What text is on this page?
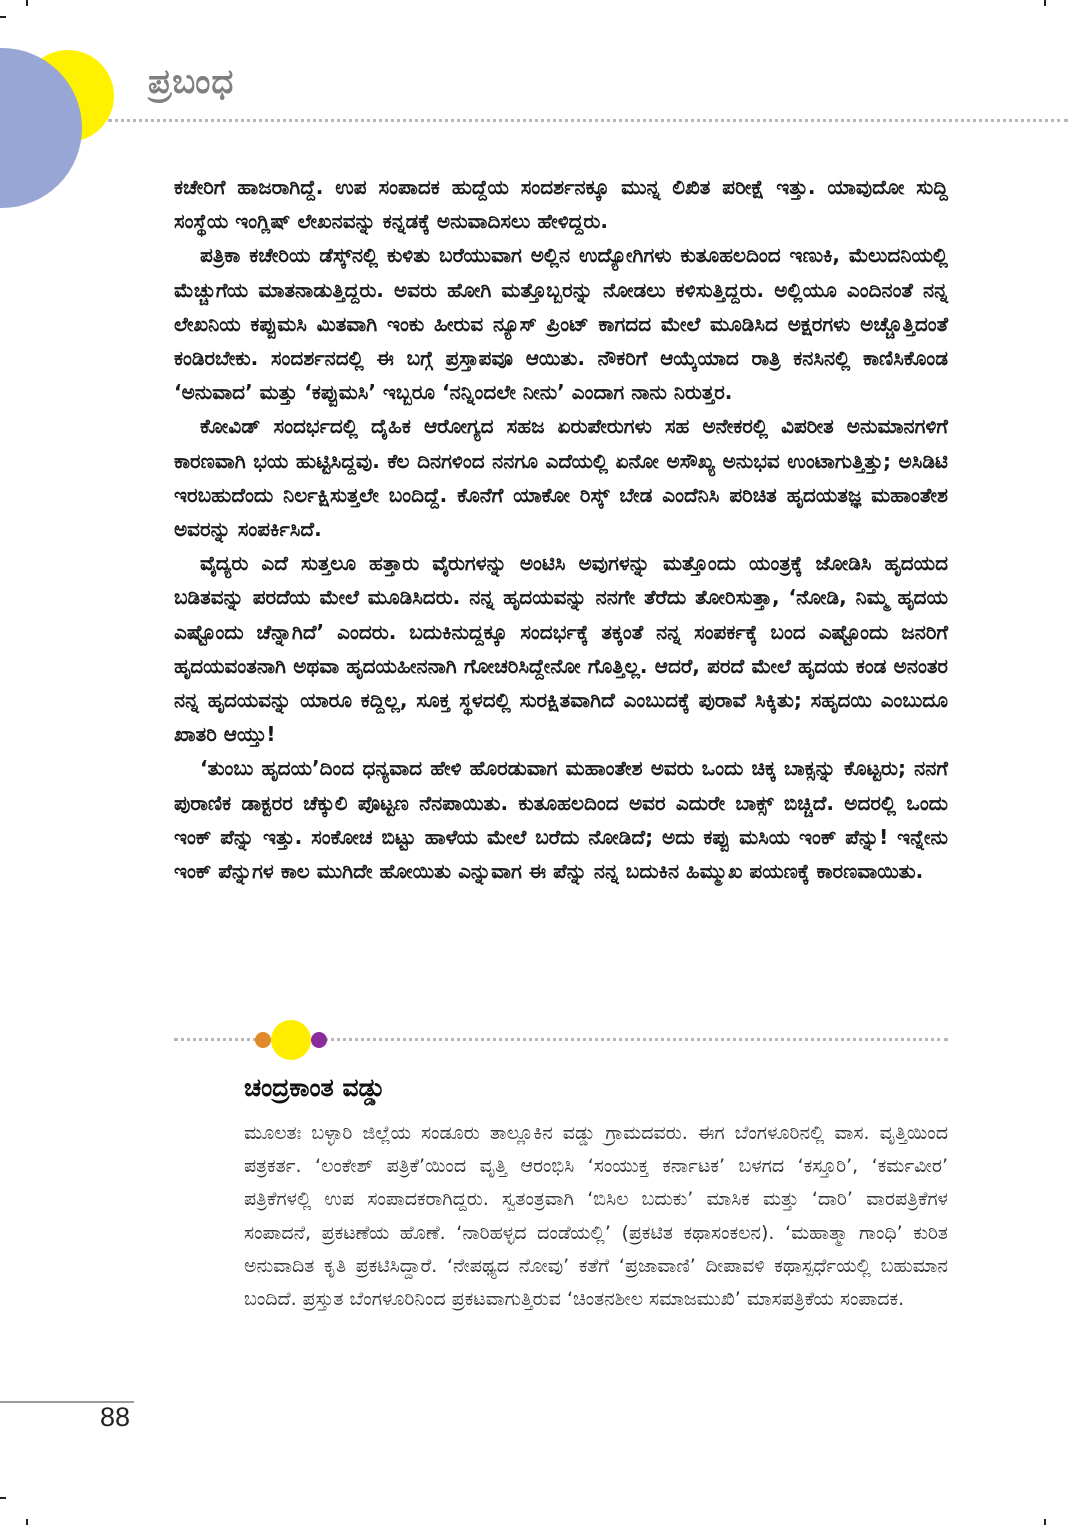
ಪ್ರಬಂಧ

ಕಚೇರಿಗೆ ಹಾಜರಾಗಿದ್ದೆ. ಉಪ ಸಂಪಾದಕ ಹುದ್ದೆಯ ಸಂದರ್ಶನಕ್ಕೂ ಮುನ್ನ ಲಿಖಿತ ಪರೀಕ್ಷೆ ಇತ್ತು. ಯಾವುದೋ ಸುದ್ದಿ ಸಂಸ್ಥೆಯ ಇಂಗ್ಲಿಷ್ ಲೇಖನವನ್ನು ಕನ್ನಡಕ್ಕೆ ಅನುವಾದಿಸಲು ಹೇಳಿದ್ದರು.

ಪತ್ರಿಕಾ ಕಚೇರಿಯ ಡೆಸ್ಕ್‌ನಲ್ಲಿ ಕುಳಿತು ಬರೆಯುವಾಗ ಅಲ್ಲಿನ ಉದ್ಯೋಗಿಗಳು ಕುತೂಹಲದಿಂದ ಇಣುಕಿ, ಮೆಲುದನಿಯಲ್ಲಿ ಮೆಚ್ಚುಗೆಯ ಮಾತನಾಡುತ್ತಿದ್ದರು. ಅವರು ಹೋಗಿ ಮತ್ತೊಬ್ಬರನ್ನು ನೋಡಲು ಕಳಿಸುತ್ತಿದ್ದರು. ಅಲ್ಲಿಯೂ ಎಂದಿನಂತೆ ನನ್ನ ಲೇಖನಿಯ ಕಪ್ಪುಮಸಿ ಮಿತವಾಗಿ ಇಂಕು ಹೀರುವ ನ್ಯೂಸ್ ಪ್ರಿಂಟ್ ಕಾಗದದ ಮೇಲೆ ಮೂಡಿಸಿದ ಅಕ್ಷರಗಳು ಅಚ್ಚೊತ್ತಿದಂತೆ ಕಂಡಿರಬೇಕು. ಸಂದರ್ಶನದಲ್ಲಿ ಈ ಬಗ್ಗೆ ಪ್ರಸ್ತಾಪವೂ ಆಯಿತು. ನೌಕರಿಗೆ ಆಯ್ಕೆಯಾದ ರಾತ್ರಿ ಕನಸಿನಲ್ಲಿ ಕಾಣಿಸಿಕೊಂಡ ‘ಅನುವಾದ’ ಮತ್ತು ‘ಕಪ್ಪುಮಸಿ’ ಇಬ್ಬರೂ ‘ನನ್ನಿಂದಲೇ ನೀನು’ ಎಂದಾಗ ನಾನು ನಿರುತ್ತರ.

ಕೋವಿಡ್ ಸಂದರ್ಭದಲ್ಲಿ ದೈಹಿಕ ಆರೋಗ್ಯದ ಸಹಜ ಏರುಪೇರುಗಳು ಸಹ ಅನೇಕರಲ್ಲಿ ವಿಪರೀತ ಅನುಮಾನಗಳಿಗೆ ಕಾರಣವಾಗಿ ಭಯ ಹುಟ್ಟಿಸಿದ್ದವು. ಕೆಲ ದಿನಗಳಿಂದ ನನಗೂ ಎದೆಯಲ್ಲಿ ಏನೋ ಅಸೌಖ್ಯ ಅನುಭವ ಉಂಟಾಗುತ್ತಿತ್ತು; ಅಸಿಡಿಟಿ ಇರಬಹುದೆಂದು ನಿರ್ಲಕ್ಷಿಸುತ್ತಲೇ ಬಂದಿದ್ದೆ. ಕೊನೆಗೆ ಯಾಕೋ ರಿಸ್ಕ್ ಬೇಡ ಎಂದೆನಿಸಿ ಪರಿಚಿತ ಹೃದಯತಜ್ಞ ಮಹಾಂತೇಶ ಅವರನ್ನು ಸಂಪರ್ಕಿಸಿದೆ.

ವೈದ್ಯರು ಎದೆ ಸುತ್ತಲೂ ಹತ್ತಾರು ವೈರುಗಳನ್ನು ಅಂಟಿಸಿ ಅವುಗಳನ್ನು ಮತ್ತೊಂದು ಯಂತ್ರಕ್ಕೆ ಜೋಡಿಸಿ ಹೃದಯದ ಬಡಿತವನ್ನು ಪರದೆಯ ಮೇಲೆ ಮೂಡಿಸಿದರು. ನನ್ನ ಹೃದಯವನ್ನು ನನಗೇ ತೆರೆದು ತೋರಿಸುತ್ತಾ, ‘ನೋಡಿ, ನಿಮ್ಮ ಹೃದಯ ಎಷ್ಟೊಂದು ಚೆನ್ನಾಗಿದೆ’ ಎಂದರು. ಬದುಕಿನುದ್ದಕ್ಕೂ ಸಂದರ್ಭಕ್ಕೆ ತಕ್ಕಂತೆ ನನ್ನ ಸಂಪರ್ಕಕ್ಕೆ ಬಂದ ಎಷ್ಟೊಂದು ಜನರಿಗೆ ಹೃದಯವಂತನಾಗಿ ಅಥವಾ ಹೃದಯಹೀನನಾಗಿ ಗೋಚರಿಸಿದ್ದೇನೋ ಗೊತ್ತಿಲ್ಲ. ಆದರೆ, ಪರದೆ ಮೇಲೆ ಹೃದಯ ಕಂಡ ಅನಂತರ ನನ್ನ ಹೃದಯವನ್ನು ಯಾರೂ ಕದ್ದಿಲ್ಲ, ಸೂಕ್ತ ಸ್ಥಳದಲ್ಲಿ ಸುರಕ್ಷಿತವಾಗಿದೆ ಎಂಬುದಕ್ಕೆ ಪುರಾವೆ ಸಿಕ್ಕಿತು; ಸಹೃದಯಿ ಎಂಬುದೂ ಖಾತರಿ ಆಯ್ತು!

‘ತುಂಬು ಹೃದಯ’ದಿಂದ ಧನ್ಯವಾದ ಹೇಳಿ ಹೊರಡುವಾಗ ಮಹಾಂತೇಶ ಅವರು ಒಂದು ಚಿಕ್ಕ ಬಾಕ್ಸನ್ನು ಕೊಟ್ಟರು; ನನಗೆ ಪುರಾಣಿಕ ಡಾಕ್ಟರರ ಚೆಕ್ಕುಲಿ ಪೊಟ್ಟಣ ನೆನಪಾಯಿತು. ಕುತೂಹಲದಿಂದ ಅವರ ಎದುರೇ ಬಾಕ್ಸ್ ಬಿಚ್ಚಿದೆ. ಅದರಲ್ಲಿ ಒಂದು ಇಂಕ್ ಪೆನ್ನು ಇತ್ತು. ಸಂಕೋಚ ಬಿಟ್ಟು ಹಾಳೆಯ ಮೇಲೆ ಬರೆದು ನೋಡಿದೆ; ಅದು ಕಪ್ಪು ಮಸಿಯ ಇಂಕ್ ಪೆನ್ನು! ಇನ್ನೇನು ಇಂಕ್ ಪೆನ್ನುಗಳ ಕಾಲ ಮುಗಿದೇ ಹೋಯಿತು ಎನ್ನುವಾಗ ಈ ಪೆನ್ನು ನನ್ನ ಬದುಕಿನ ಹಿಮ್ಮುಖ ಪಯಣಕ್ಕೆ ಕಾರಣವಾಯಿತು.

ಚಂದ್ರಕಾಂತ ವಡ್ಡು
ಮೂಲತಃ ಬಳ್ಳಾರಿ ಜಿಲ್ಲೆಯ ಸಂಡೂರು ತಾಲ್ಲೂಕಿನ ವಡ್ಡು ಗ್ರಾಮದವರು. ಈಗ ಬೆಂಗಳೂರಿನಲ್ಲಿ ವಾಸ. ವೃತ್ತಿಯಿಂದ ಪತ್ರಕರ್ತ. ‘ಲಂಕೇಶ್ ಪತ್ರಿಕೆ’ಯಿಂದ ವೃತ್ತಿ ಆರಂಭಿಸಿ ‘ಸಂಯುಕ್ತ ಕರ್ನಾಟಕ’ ಬಳಗದ ‘ಕಸ್ತೂರಿ’, ‘ಕರ್ಮವೀರ’ ಪತ್ರಿಕೆಗಳಲ್ಲಿ ಉಪ ಸಂಪಾದಕರಾಗಿದ್ದರು. ಸ್ವತಂತ್ರವಾಗಿ ‘ಬಿಸಿಲ ಬದುಕು’ ಮಾಸಿಕ ಮತ್ತು ‘ದಾರಿ’ ವಾರಪತ್ರಿಕೆಗಳ ಸಂಪಾದನೆ, ಪ್ರಕಟಣೆಯ ಹೊಣೆ. ‘ನಾರಿಹಳ್ಳದ ದಂಡೆಯಲ್ಲಿ’ (ಪ್ರಕಟಿತ ಕಥಾಸಂಕಲನ). ‘ಮಹಾತ್ಮಾ ಗಾಂಧಿ’ ಕುರಿತ ಅನುವಾದಿತ ಕೃತಿ ಪ್ರಕಟಿಸಿದ್ದಾರೆ. ‘ನೇಪಥ್ಯದ ನೋವು’ ಕತೆಗೆ ‘ಪ್ರಜಾವಾಣಿ’ ದೀಪಾವಳಿ ಕಥಾಸ್ಪರ್ಧೆಯಲ್ಲಿ ಬಹುಮಾನ ಬಂದಿದೆ. ಪ್ರಸ್ತುತ ಬೆಂಗಳೂರಿನಿಂದ ಪ್ರಕಟವಾಗುತ್ತಿರುವ ‘ಚಿಂತನಶೀಲ ಸಮಾಜಮುಖಿ’ ಮಾಸಪತ್ರಿಕೆಯ ಸಂಪಾದಕ.
88
